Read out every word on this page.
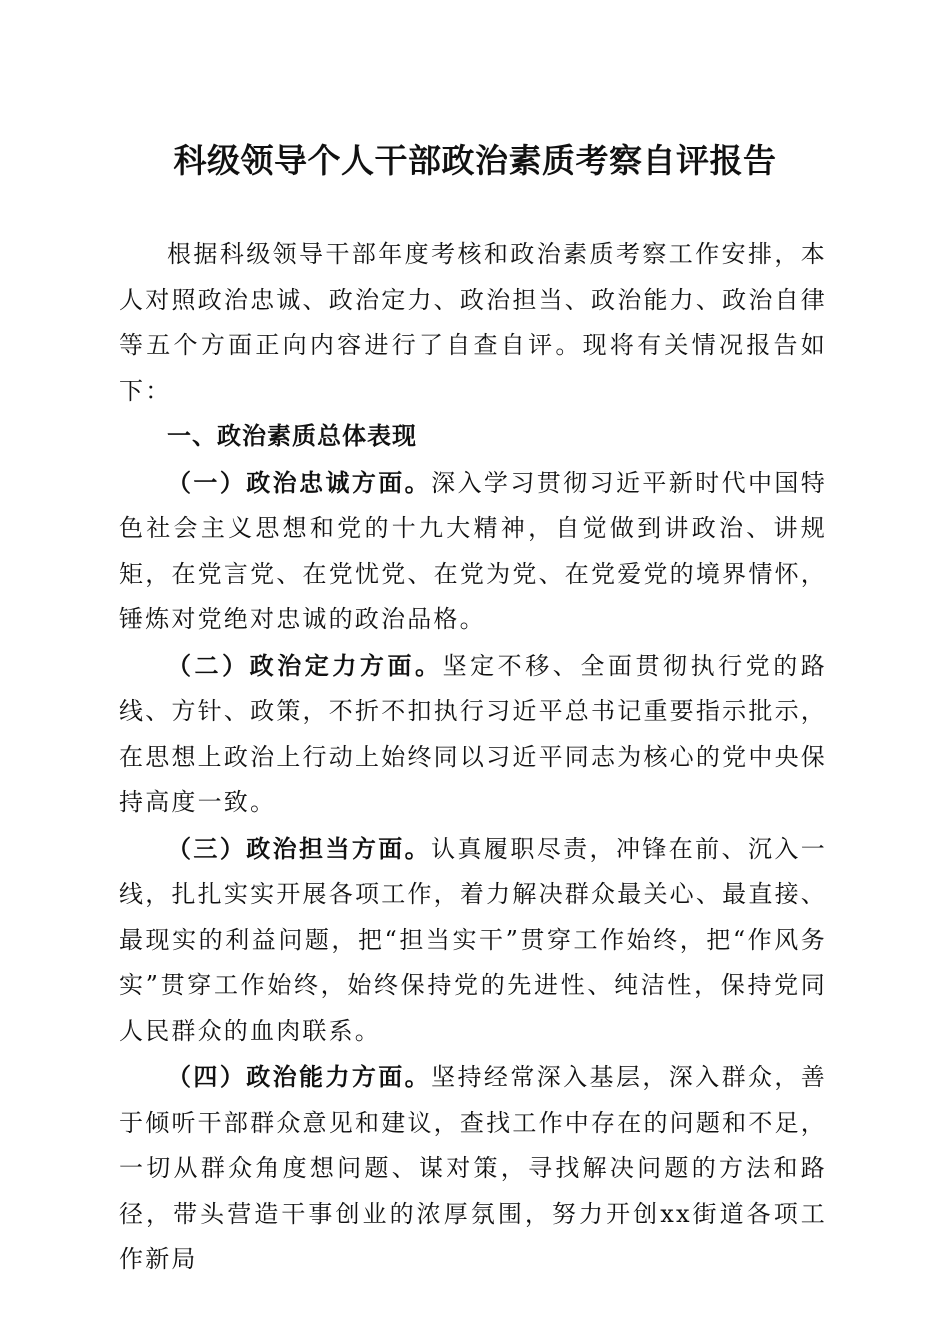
科级领导个人干部政治素质考察自评报告

根据科级领导干部年度考核和政治素质考察工作安排，本人对照政治忠诚、政治定力、政治担当、政治能力、政治自律等五个方面正向内容进行了自查自评。现将有关情况报告如下：

一、政治素质总体表现

（一）政治忠诚方面。深入学习贯彻习近平新时代中国特色社会主义思想和党的十九大精神，自觉做到讲政治、讲规矩，在党言党、在党忧党、在党为党、在党爱党的境界情怀，锤炼对党绝对忠诚的政治品格。

（二）政治定力方面。坚定不移、全面贯彻执行党的路线、方针、政策，不折不扣执行习近平总书记重要指示批示，在思想上政治上行动上始终同以习近平同志为核心的党中央保持高度一致。

（三）政治担当方面。认真履职尽责，冲锋在前、沉入一线，扎扎实实开展各项工作，着力解决群众最关心、最直接、最现实的利益问题，把“担当实干”贯穿工作始终，把“作风务实”贯穿工作始终，始终保持党的先进性、纯洁性，保持党同人民群众的血肉联系。

（四）政治能力方面。坚持经常深入基层，深入群众，善于倾听干部群众意见和建议，查找工作中存在的问题和不足，一切从群众角度想问题、谋对策，寻找解决问题的方法和路径，带头营造干事创业的浓厚氛围，努力开创xx街道各项工作新局
